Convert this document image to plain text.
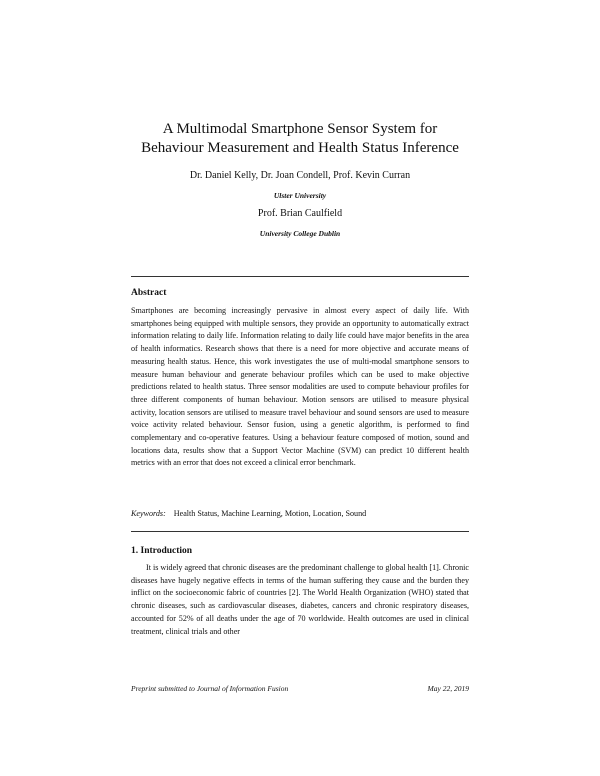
A Multimodal Smartphone Sensor System for
Behaviour Measurement and Health Status Inference
Dr. Daniel Kelly, Dr. Joan Condell, Prof. Kevin Curran
Ulster University
Prof. Brian Caulfield
University College Dublin
Abstract
Smartphones are becoming increasingly pervasive in almost every aspect of daily life. With smartphones being equipped with multiple sensors, they provide an opportunity to automatically extract information relating to daily life. Information relating to daily life could have major benefits in the area of health informatics. Research shows that there is a need for more objective and accurate means of measuring health status. Hence, this work investigates the use of multi-modal smartphone sensors to measure human behaviour and generate behaviour profiles which can be used to make objective predictions related to health status. Three sensor modalities are used to compute behaviour profiles for three different components of human behaviour. Motion sensors are utilised to measure physical activity, location sensors are utilised to measure travel behaviour and sound sensors are used to measure voice activity related behaviour. Sensor fusion, using a genetic algorithm, is performed to find complementary and co-operative features. Using a behaviour feature composed of motion, sound and locations data, results show that a Support Vector Machine (SVM) can predict 10 different health metrics with an error that does not exceed a clinical error benchmark.
Keywords: Health Status, Machine Learning, Motion, Location, Sound
1. Introduction
It is widely agreed that chronic diseases are the predominant challenge to global health [1]. Chronic diseases have hugely negative effects in terms of the human suffering they cause and the burden they inflict on the socioeconomic fabric of countries [2]. The World Health Organization (WHO) stated that chronic diseases, such as cardiovascular diseases, diabetes, cancers and chronic respiratory diseases, accounted for 52% of all deaths under the age of 70 worldwide. Health outcomes are used in clinical treatment, clinical trials and other
Preprint submitted to Journal of Information Fusion	May 22, 2019
